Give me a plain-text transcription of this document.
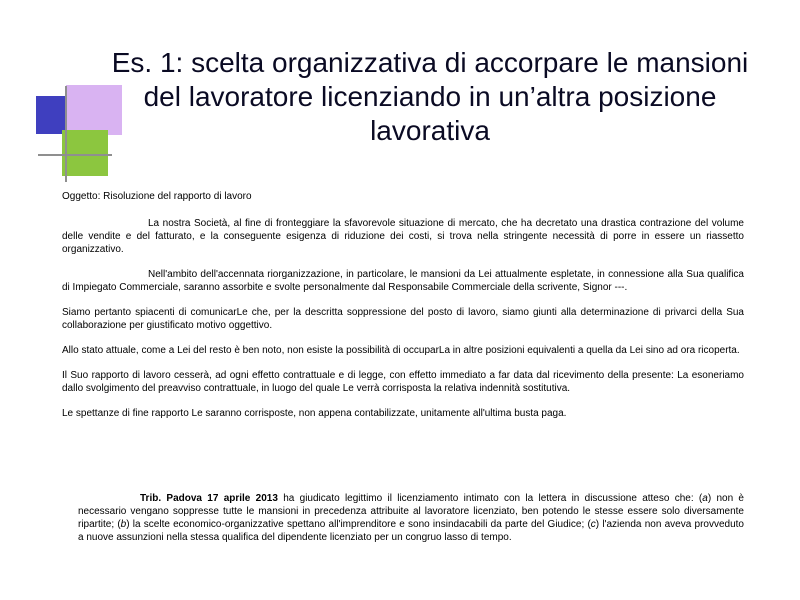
Es. 1: scelta organizzativa di accorpare le mansioni del lavoratore licenziando in un’altra posizione lavorativa

Oggetto: Risoluzione del rapporto di lavoro

La nostra Società, al fine di fronteggiare la sfavorevole situazione di mercato, che ha decretato una drastica contrazione del volume delle vendite e del fatturato, e la conseguente esigenza di riduzione dei costi, si trova nella stringente necessità di porre in essere un riassetto organizzativo.

Nell'ambito dell'accennata riorganizzazione, in particolare, le mansioni da Lei attualmente espletate, in connessione alla Sua qualifica di Impiegato Commerciale, saranno assorbite e svolte personalmente dal Responsabile Commerciale della scrivente, Signor ---.

Siamo pertanto spiacenti di comunicarLe che, per la descritta soppressione del posto di lavoro, siamo giunti alla determinazione di privarci della Sua collaborazione per giustificato motivo oggettivo.

Allo stato attuale, come a Lei del resto è ben noto, non esiste la possibilità di occuparLa in altre posizioni equivalenti a quella da Lei sino ad ora ricoperta.

Il Suo rapporto di lavoro cesserà, ad ogni effetto contrattuale e di legge, con effetto immediato a far data dal ricevimento della presente: La esoneriamo dallo svolgimento del preavviso contrattuale, in luogo del quale Le verrà corrisposta la relativa indennità sostitutiva.

Le spettanze di fine rapporto Le saranno corrisposte, non appena contabilizzate, unitamente all'ultima busta paga.

Trib. Padova 17 aprile 2013 ha giudicato legittimo il licenziamento intimato con la lettera in discussione atteso che: (a) non è necessario vengano soppresse tutte le mansioni in precedenza attribuite al lavoratore licenziato, ben potendo le stesse essere solo diversamente ripartite; (b) la scelte economico-organizzative spettano all'imprenditore e sono insindacabili da parte del Giudice; (c) l'azienda non aveva provveduto a nuove assunzioni nella stessa qualifica del dipendente licenziato per un congruo lasso di tempo.
